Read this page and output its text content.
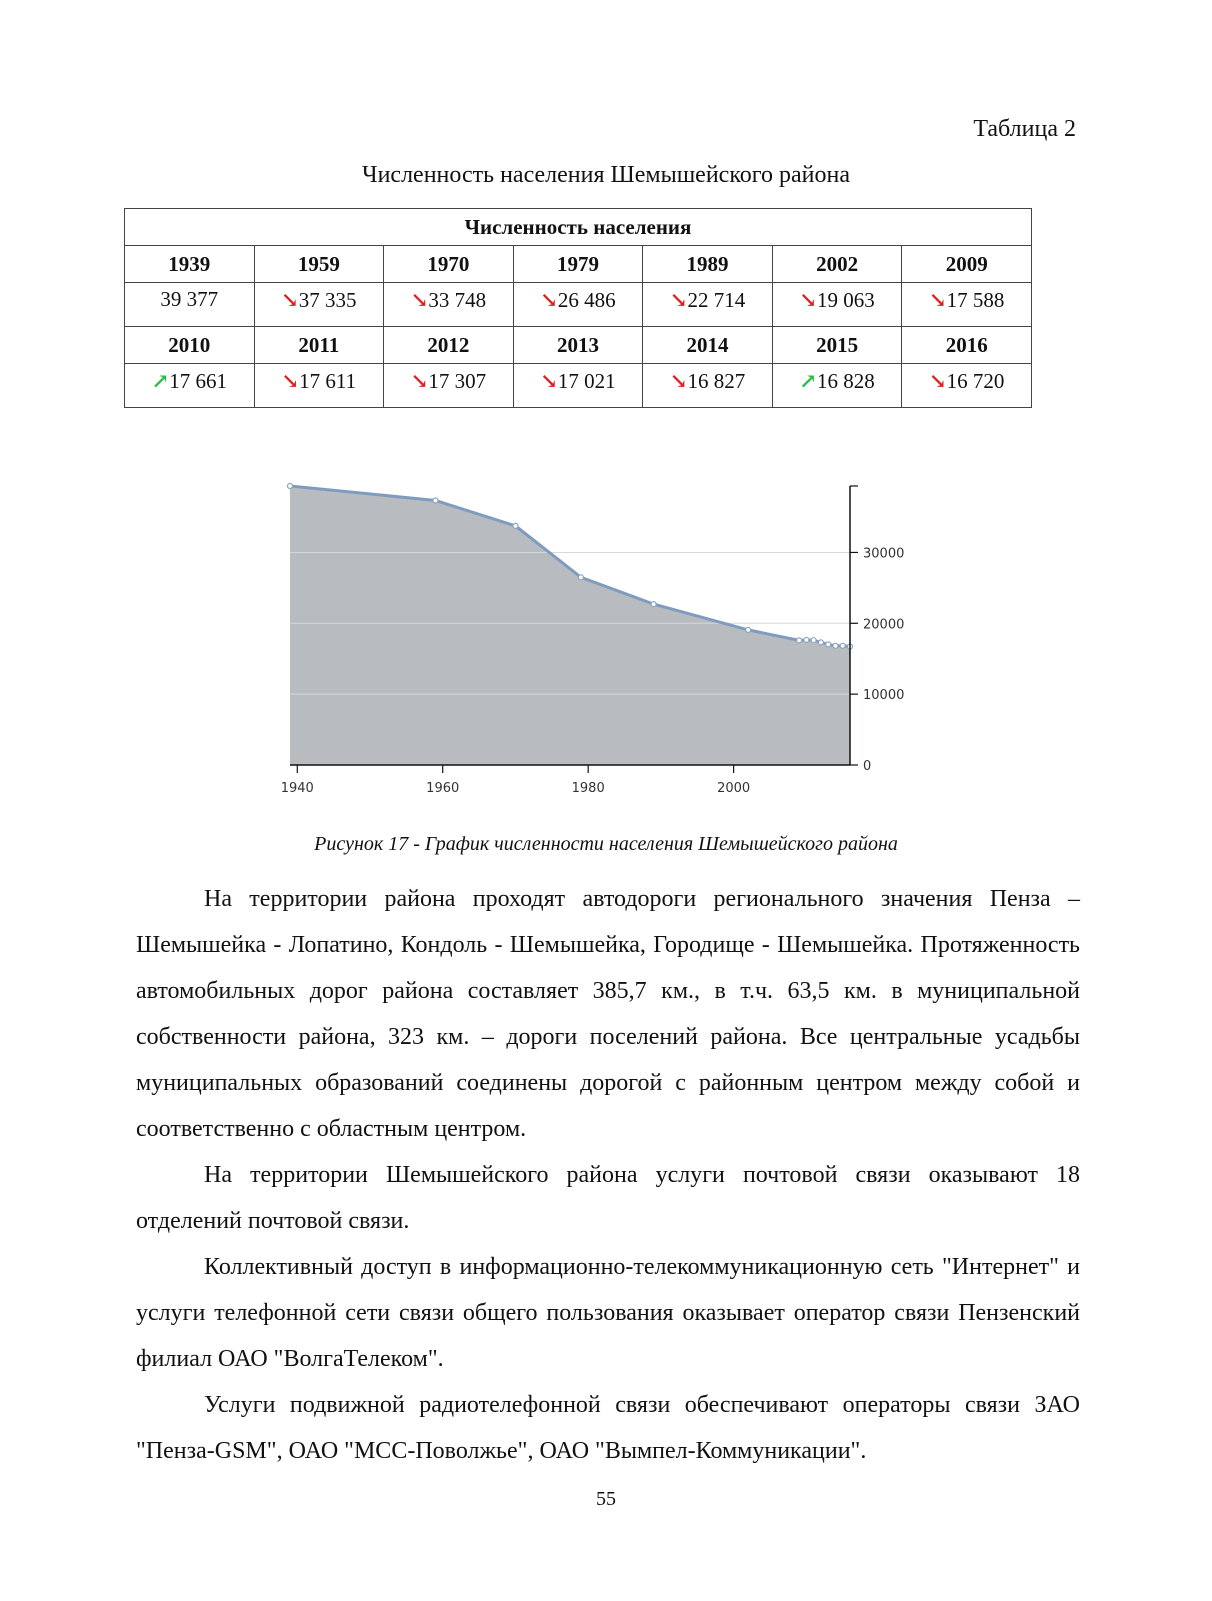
Таблица 2
Численность населения Шемышейского района
Численность населения						
1939	1959	1970	1979	1989	2002	2009
39 377	↘37 335	↘33 748	↘26 486	↘22 714	↘19 063	↘17 588
2010	2011	2012	2013	2014	2015	2016
↗17 661	↘17 611	↘17 307	↘17 021	↘16 827	↗16 828	↘16 720
1940	1960	1980	2000
0
10000
20000
30000
Рисунок 17 - График численности населения Шемышейского района

На территории района проходят автодороги регионального значения Пенза – Шемышейка - Лопатино, Кондоль - Шемышейка, Городище - Шемышейка. Протяженность автомобильных дорог района составляет 385,7 км., в т.ч. 63,5 км. в муниципальной собственности района, 323 км. – дороги поселений района. Все центральные усадьбы муниципальных образований соединены дорогой с районным центром между собой и соответственно с областным центром.

На территории Шемышейского района услуги почтовой связи оказывают 18 отделений почтовой связи.

Коллективный доступ в информационно-телекоммуникационную сеть "Интернет" и услуги телефонной сети связи общего пользования оказывает оператор связи Пензенский филиал ОАО "ВолгаТелеком".

Услуги подвижной радиотелефонной связи обеспечивают операторы связи ЗАО "Пенза-GSM", ОАО "МСС-Поволжье", ОАО "Вымпел-Коммуникации".

55
